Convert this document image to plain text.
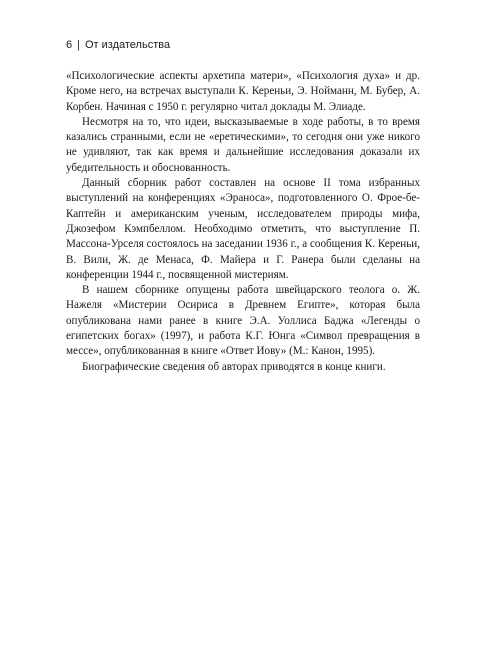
6 | От издательства

«Психологические аспекты архетипа матери», «Психология духа» и др. Кроме него, на встречах выступали К. Кереньи, Э. Нойманн, М. Бубер, А. Корбен. Начиная с 1950 г. регулярно читал доклады М. Элиаде.

Несмотря на то, что идеи, высказываемые в ходе работы, в то время казались странными, если не «еретическими», то сегодня они уже никого не удивляют, так как время и дальнейшие исследования доказали их убедительность и обоснованность.

Данный сборник работ составлен на основе II тома избранных выступлений на конференциях «Эраноса», подготовленного О. Фрое-бе-Каптейн и американским ученым, исследователем природы мифа, Джозефом Кэмпбеллом. Необходимо отметить, что выступление П. Массона-Урселя состоялось на заседании 1936 г., а сообщения К. Кереньи, В. Вили, Ж. де Менаса, Ф. Майера и Г. Ранера были сделаны на конференции 1944 г., посвященной мистериям.

В нашем сборнике опущены работа швейцарского теолога о. Ж. Нажеля «Мистерии Осириса в Древнем Египте», которая была опубликована нами ранее в книге Э.А. Уоллиса Баджа «Легенды о египетских богах» (1997), и работа К.Г. Юнга «Символ превращения в мессе», опубликованная в книге «Ответ Иову» (М.: Канон, 1995).

Биографические сведения об авторах приводятся в конце книги.
